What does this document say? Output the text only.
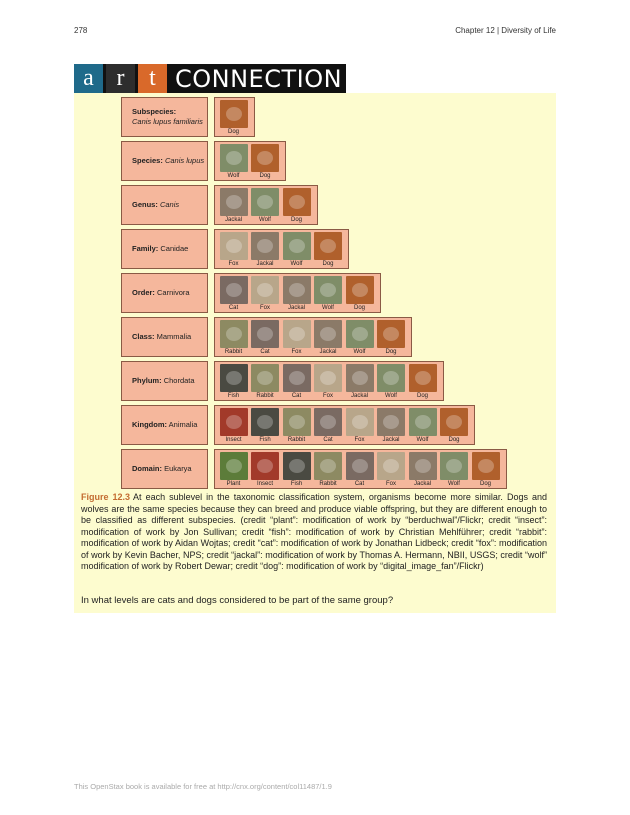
278	Chapter 12 | Diversity of Life
a r	t CONNECTION
Subspecies:
Canis lupus familiaris
Dog
Species: Canis lupus
Wolf	Dog
Genus: Canis
Jackal	Wolf	Dog
Family: Canidae
Fox	Jackal	Wolf	Dog
Order: Carnivora
Cat	Fox	Jackal	Wolf	Dog
Class: Mammalia
Rabbit	Cat	Fox	Jackal	Wolf	Dog
Phylum: Chordata
Fish	Rabbit	Cat	Fox	Jackal	Wolf	Dog
Kingdom: Animalia
Insect	Fish	Rabbit	Cat	Fox	Jackal	Wolf	Dog
Domain: Eukarya
Plant	Insect	Fish	Rabbit	Cat	Fox	Jackal	Wolf	Dog
Figure 12.3 At each sublevel in the taxonomic classification system, organisms become more similar. Dogs and wolves are the same species because they can breed and produce viable offspring, but they are different enough to be classified as different subspecies. (credit “plant”: modification of work by “berduchwal”/Flickr; credit “insect”: modification of work by Jon Sullivan; credit “fish”: modification of work by Christian Mehlführer; credit “rabbit”: modification of work by Aidan Wojtas; credit “cat”: modification of work by Jonathan Lidbeck; credit “fox”: modification of work by Kevin Bacher, NPS; credit “jackal”: modification of work by Thomas A. Hermann, NBII, USGS; credit “wolf” modification of work by Robert Dewar; credit “dog”: modification of work by “digital_image_fan”/Flickr)
In what levels are cats and dogs considered to be part of the same group?
This OpenStax book is available for free at http://cnx.org/content/col11487/1.9
